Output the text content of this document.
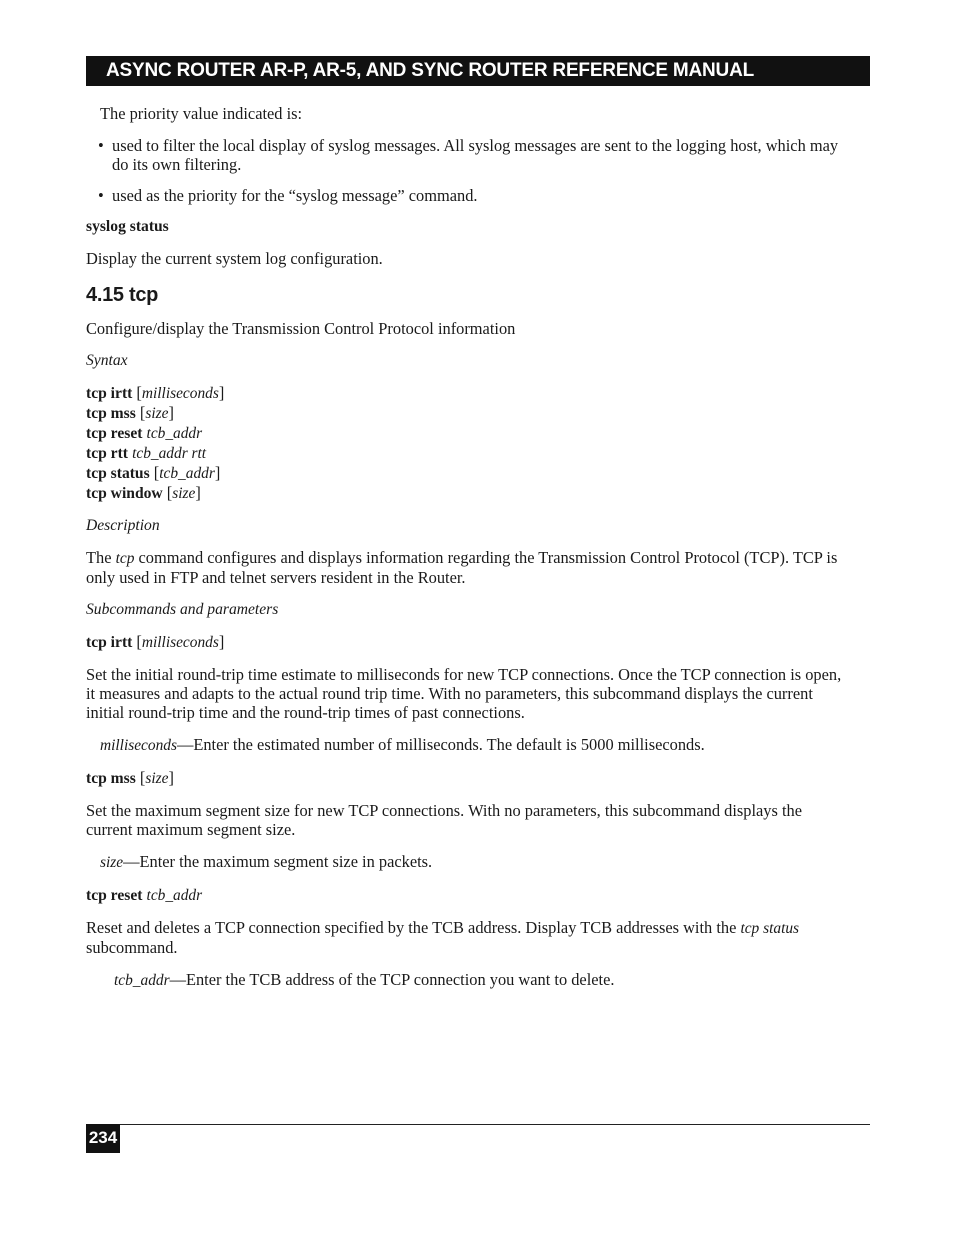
ASYNC ROUTER AR-P, AR-5, AND SYNC ROUTER REFERENCE MANUAL

The priority value indicated is:

• used to filter the local display of syslog messages. All syslog messages are sent to the logging host, which may do its own filtering.
• used as the priority for the “syslog message” command.

syslog status

Display the current system log configuration.

4.15 tcp

Configure/display the Transmission Control Protocol information

Syntax

tcp irtt [milliseconds]

tcp mss [size]

tcp reset tcb_addr

tcp rtt tcb_addr rtt

tcp status [tcb_addr]

tcp window [size]

Description

The tcp command configures and displays information regarding the Transmission Control Protocol (TCP). TCP is only used in FTP and telnet servers resident in the Router.

Subcommands and parameters

tcp irtt [milliseconds]

Set the initial round-trip time estimate to milliseconds for new TCP connections. Once the TCP connection is open, it measures and adapts to the actual round trip time. With no parameters, this subcommand displays the current initial round-trip time and the round-trip times of past connections.

milliseconds—Enter the estimated number of milliseconds. The default is 5000 milliseconds.

tcp mss [size]

Set the maximum segment size for new TCP connections. With no parameters, this subcommand displays the current maximum segment size.

size—Enter the maximum segment size in packets.

tcp reset tcb_addr

Reset and deletes a TCP connection specified by the TCB address. Display TCB addresses with the tcp status subcommand.

tcb_addr—Enter the TCB address of the TCP connection you want to delete.

234
